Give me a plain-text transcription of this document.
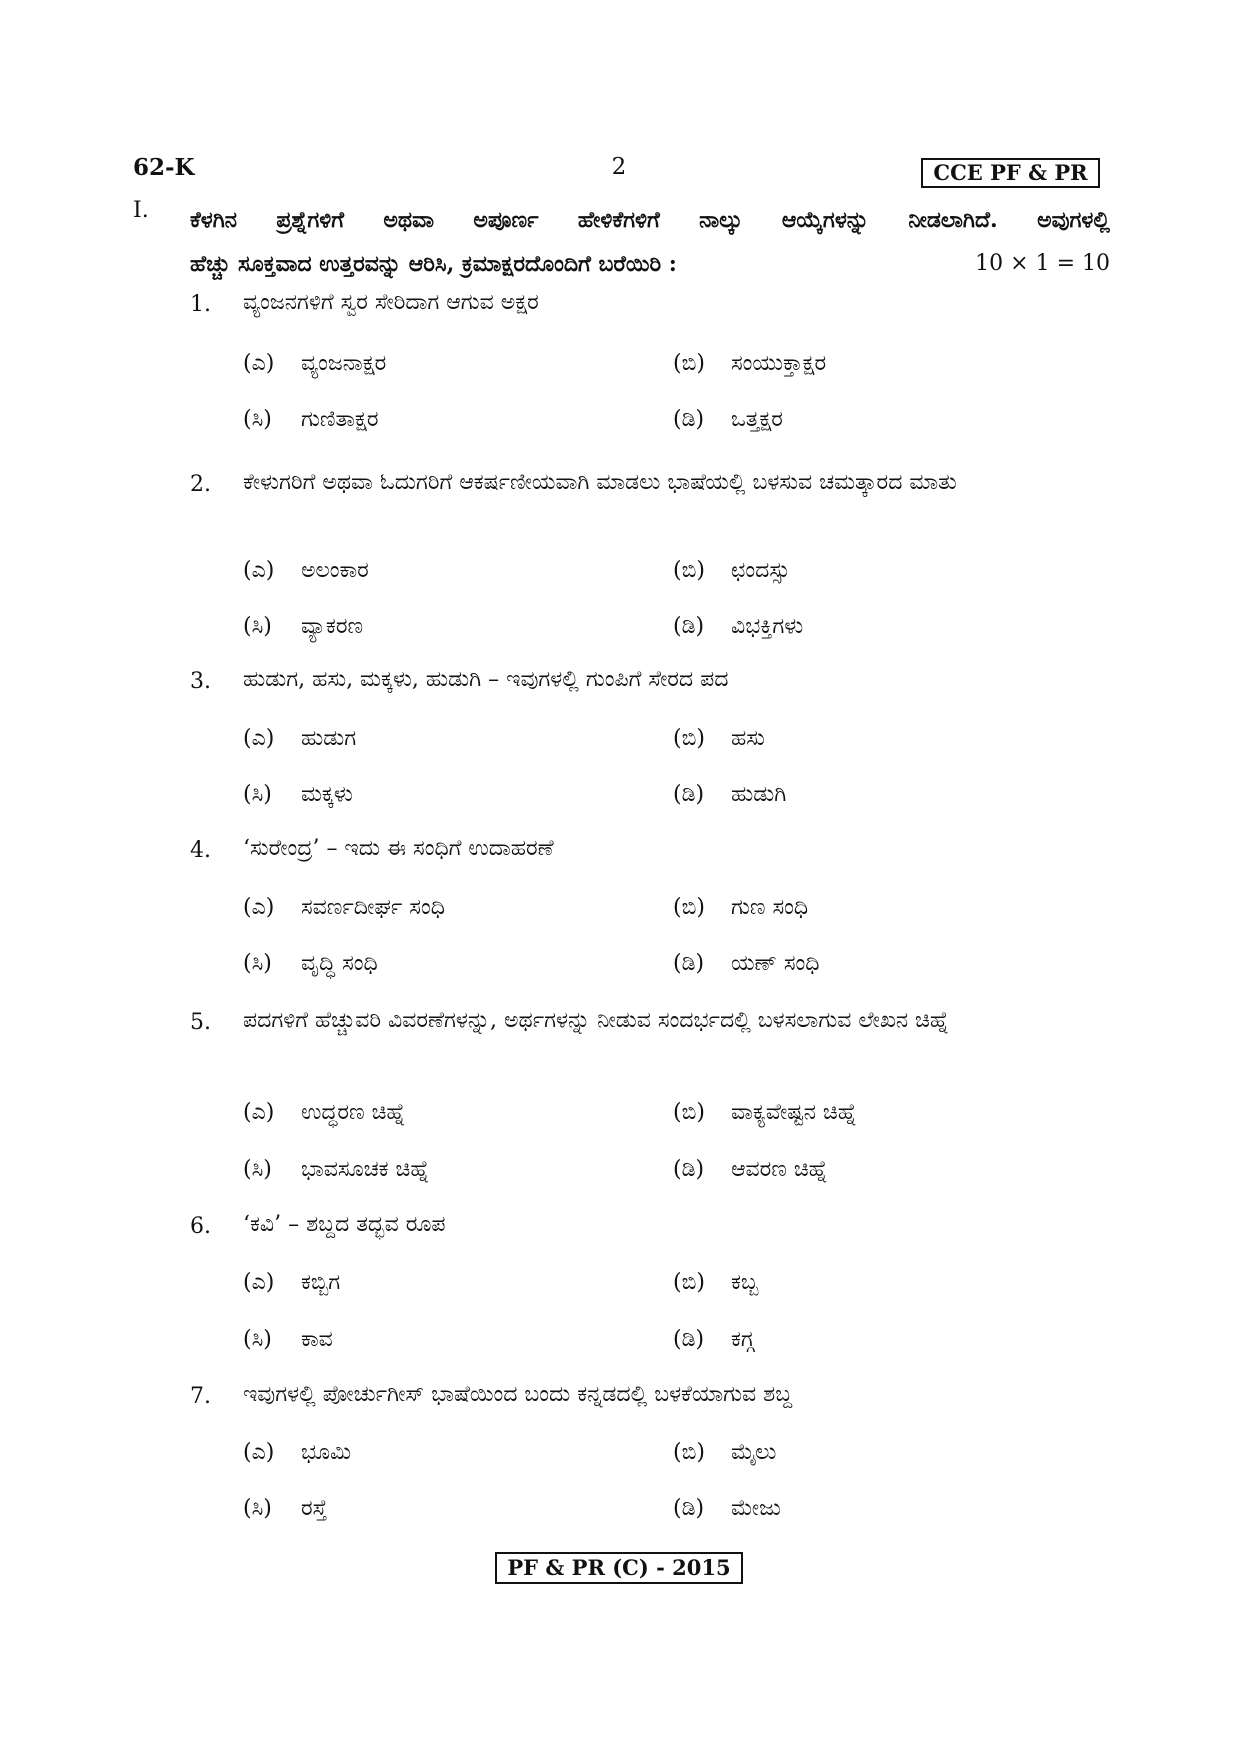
62-K	2	CCE PF & PR
I. ಕೆಳಗಿನ ಪ್ರಶ್ನೆಗಳಿಗೆ ಅಥವಾ ಅಪೂರ್ಣ ಹೇಳಿಕೆಗಳಿಗೆ ನಾಲ್ಕು ಆಯ್ಕೆಗಳನ್ನು ನೀಡಲಾಗಿದೆ. ಅವುಗಳಲ್ಲಿ
ಹೆಚ್ಚು ಸೂಕ್ತವಾದ ಉತ್ತರವನ್ನು ಆರಿಸಿ, ಕ್ರಮಾಕ್ಷರದೊಂದಿಗೆ ಬರೆಯಿರಿ :	10 × 1 = 10
1.	ವ್ಯಂಜನಗಳಿಗೆ ಸ್ವರ ಸೇರಿದಾಗ ಆಗುವ ಅಕ್ಷರ
(ಎ) ವ್ಯಂಜನಾಕ್ಷರ	(ಬಿ) ಸಂಯುಕ್ತಾಕ್ಷರ
(ಸಿ) ಗುಣಿತಾಕ್ಷರ	(ಡಿ) ಒತ್ತಕ್ಷರ
2.	ಕೇಳುಗರಿಗೆ ಅಥವಾ ಓದುಗರಿಗೆ ಆಕರ್ಷಣೀಯವಾಗಿ ಮಾಡಲು ಭಾಷೆಯಲ್ಲಿ ಬಳಸುವ ಚಮತ್ಕಾರದ ಮಾತು
(ಎ) ಅಲಂಕಾರ	(ಬಿ) ಛಂದಸ್ಸು
(ಸಿ) ವ್ಯಾಕರಣ	(ಡಿ) ವಿಭಕ್ತಿಗಳು
3.	ಹುಡುಗ, ಹಸು, ಮಕ್ಕಳು, ಹುಡುಗಿ – ಇವುಗಳಲ್ಲಿ ಗುಂಪಿಗೆ ಸೇರದ ಪದ
(ಎ) ಹುಡುಗ	(ಬಿ) ಹಸು
(ಸಿ) ಮಕ್ಕಳು	(ಡಿ) ಹುಡುಗಿ
4.	‘ಸುರೇಂದ್ರ’ – ಇದು ಈ ಸಂಧಿಗೆ ಉದಾಹರಣೆ
(ಎ) ಸವರ್ಣದೀರ್ಘ ಸಂಧಿ	(ಬಿ) ಗುಣ ಸಂಧಿ
(ಸಿ) ವೃದ್ಧಿ ಸಂಧಿ	(ಡಿ) ಯಣ್ ಸಂಧಿ
5.	ಪದಗಳಿಗೆ ಹೆಚ್ಚುವರಿ ವಿವರಣೆಗಳನ್ನು, ಅರ್ಥಗಳನ್ನು ನೀಡುವ ಸಂದರ್ಭದಲ್ಲಿ ಬಳಸಲಾಗುವ ಲೇಖನ ಚಿಹ್ನೆ
(ಎ) ಉದ್ಧರಣ ಚಿಹ್ನೆ	(ಬಿ) ವಾಕ್ಯವೇಷ್ಟನ ಚಿಹ್ನೆ
(ಸಿ) ಭಾವಸೂಚಕ ಚಿಹ್ನೆ	(ಡಿ) ಆವರಣ ಚಿಹ್ನೆ
6.	‘ಕವಿ’ – ಶಬ್ದದ ತದ್ಭವ ರೂಪ
(ಎ) ಕಬ್ಬಿಗ	(ಬಿ) ಕಬ್ಬ
(ಸಿ) ಕಾವ	(ಡಿ) ಕಗ್ಗ
7.	ಇವುಗಳಲ್ಲಿ ಪೋರ್ಚುಗೀಸ್ ಭಾಷೆಯಿಂದ ಬಂದು ಕನ್ನಡದಲ್ಲಿ ಬಳಕೆಯಾಗುವ ಶಬ್ದ
(ಎ) ಭೂಮಿ	(ಬಿ) ಮೈಲು
(ಸಿ) ರಸ್ತೆ	(ಡಿ) ಮೇಜು
PF & PR (C) - 2015
